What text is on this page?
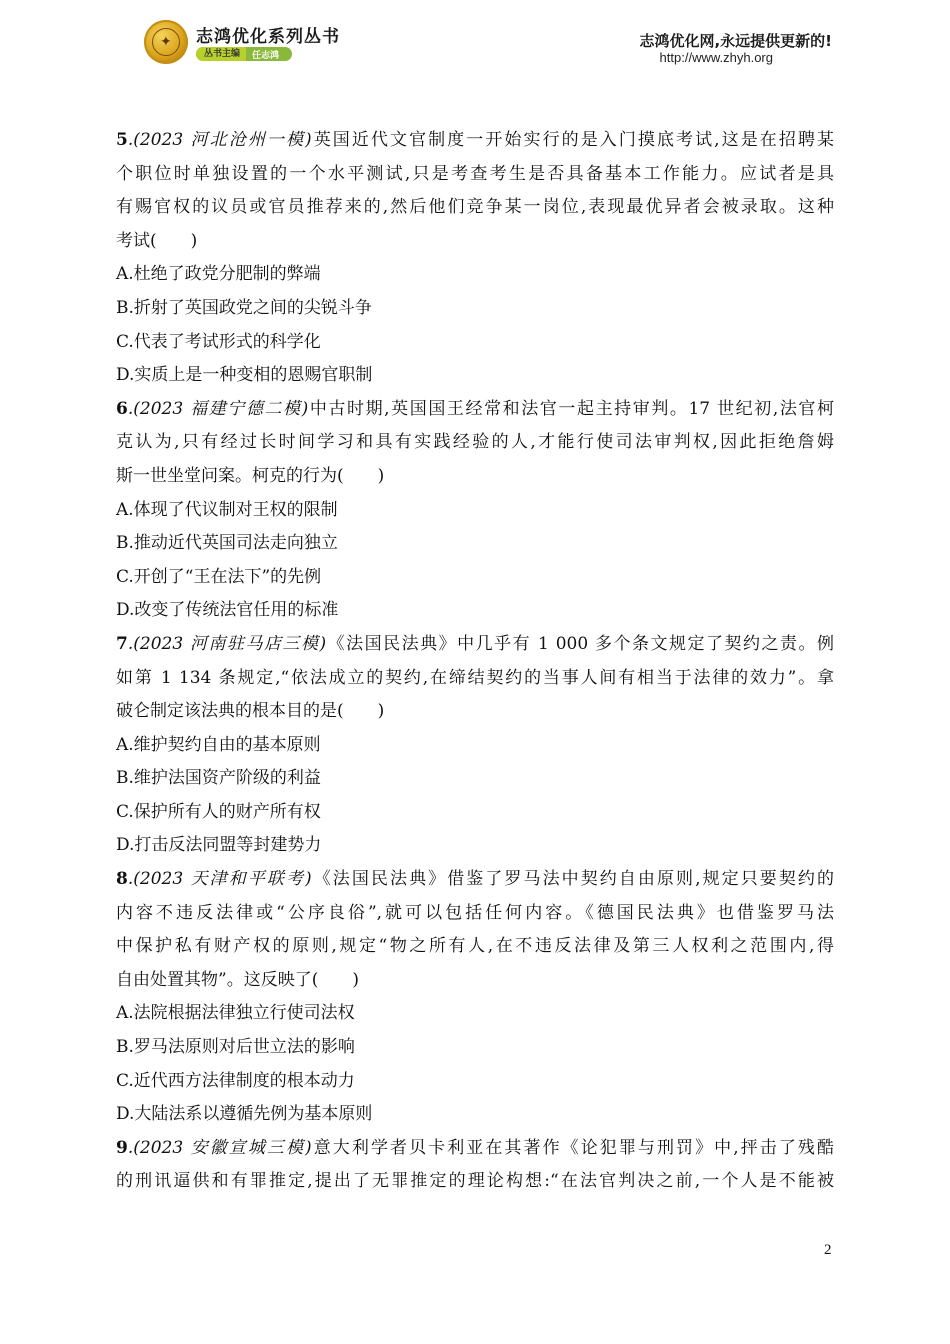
✦ 志鸿优化系列丛书
丛书主编	任志鸿
志鸿优化网,永远提供更新的!
http://www.zhyh.org
5.(2023 河北沧州一模)英国近代文官制度一开始实行的是入门摸底考试,这是在招聘某
个职位时单独设置的一个水平测试,只是考查考生是否具备基本工作能力。应试者是具
有赐官权的议员或官员推荐来的,然后他们竞争某一岗位,表现最优异者会被录取。这种
考试(　　)
A.杜绝了政党分肥制的弊端
B.折射了英国政党之间的尖锐斗争
C.代表了考试形式的科学化
D.实质上是一种变相的恩赐官职制
6.(2023 福建宁德二模)中古时期,英国国王经常和法官一起主持审判。17 世纪初,法官柯
克认为,只有经过长时间学习和具有实践经验的人,才能行使司法审判权,因此拒绝詹姆
斯一世坐堂问案。柯克的行为(　　)
A.体现了代议制对王权的限制
B.推动近代英国司法走向独立
C.开创了“王在法下”的先例
D.改变了传统法官任用的标准
7.(2023 河南驻马店三模)《法国民法典》中几乎有 1 000 多个条文规定了契约之责。例
如第 1 134 条规定,“依法成立的契约,在缔结契约的当事人间有相当于法律的效力”。拿
破仑制定该法典的根本目的是(　　)
A.维护契约自由的基本原则
B.维护法国资产阶级的利益
C.保护所有人的财产所有权
D.打击反法同盟等封建势力
8.(2023 天津和平联考)《法国民法典》借鉴了罗马法中契约自由原则,规定只要契约的
内容不违反法律或“公序良俗”,就可以包括任何内容。《德国民法典》也借鉴罗马法
中保护私有财产权的原则,规定“物之所有人,在不违反法律及第三人权利之范围内,得
自由处置其物”。这反映了(　　)
A.法院根据法律独立行使司法权
B.罗马法原则对后世立法的影响
C.近代西方法律制度的根本动力
D.大陆法系以遵循先例为基本原则
9.(2023 安徽宣城三模)意大利学者贝卡利亚在其著作《论犯罪与刑罚》中,抨击了残酷
的刑讯逼供和有罪推定,提出了无罪推定的理论构想:“在法官判决之前,一个人是不能被
2
